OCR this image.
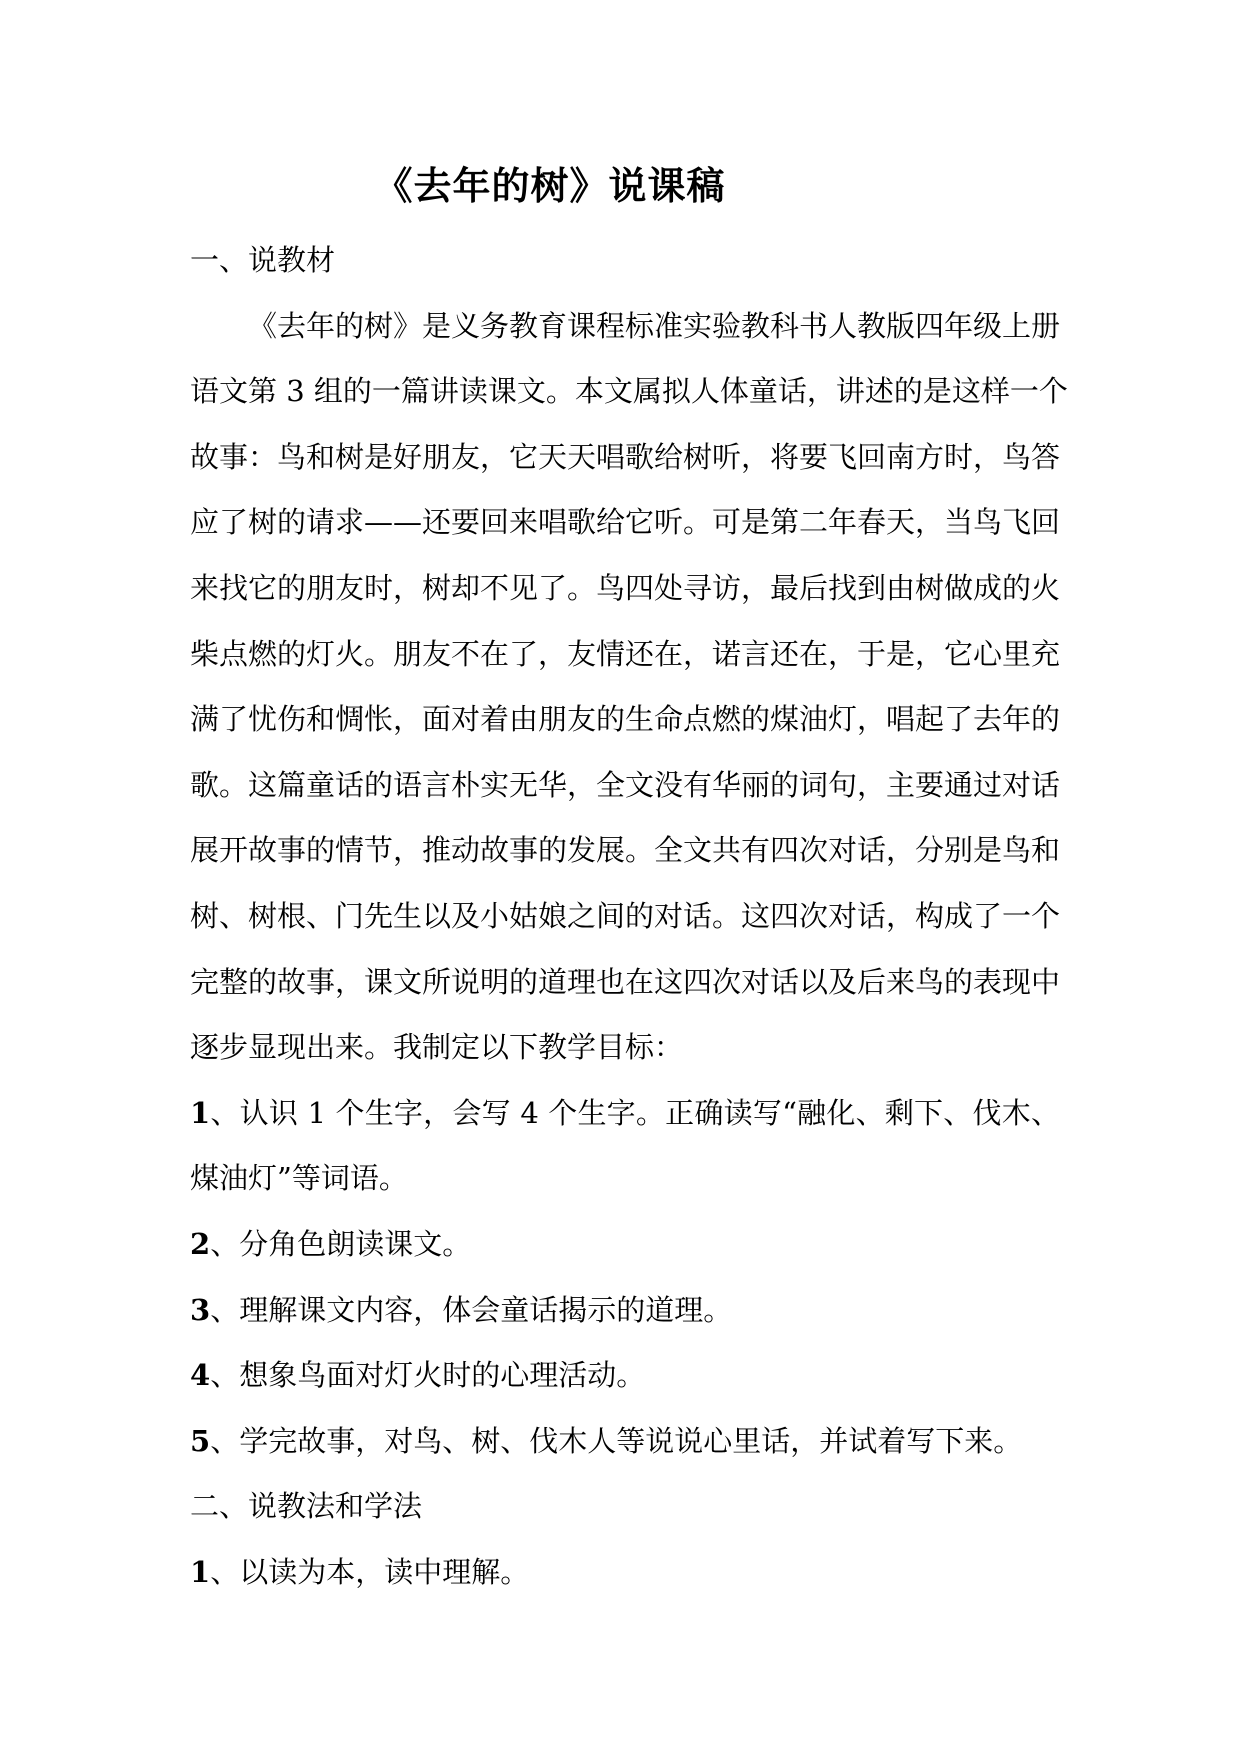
《去年的树》说课稿
一、说教材
《去年的树》是义务教育课程标准实验教科书人教版四年级上册
语文第 3 组的一篇讲读课文。本文属拟人体童话，讲述的是这样一个
故事：鸟和树是好朋友，它天天唱歌给树听，将要飞回南方时，鸟答
应了树的请求——还要回来唱歌给它听。可是第二年春天，当鸟飞回
来找它的朋友时，树却不见了。鸟四处寻访，最后找到由树做成的火
柴点燃的灯火。朋友不在了，友情还在，诺言还在，于是，它心里充
满了忧伤和惆怅，面对着由朋友的生命点燃的煤油灯，唱起了去年的
歌。这篇童话的语言朴实无华，全文没有华丽的词句，主要通过对话
展开故事的情节，推动故事的发展。全文共有四次对话，分别是鸟和
树、树根、门先生以及小姑娘之间的对话。这四次对话，构成了一个
完整的故事，课文所说明的道理也在这四次对话以及后来鸟的表现中
逐步显现出来。我制定以下教学目标：
1、认识 1 个生字，会写 4 个生字。正确读写“融化、剩下、伐木、
煤油灯”等词语。
2、分角色朗读课文。
3、理解课文内容，体会童话揭示的道理。
4、想象鸟面对灯火时的心理活动。
5、学完故事，对鸟、树、伐木人等说说心里话，并试着写下来。
二、说教法和学法
1、以读为本，读中理解。
